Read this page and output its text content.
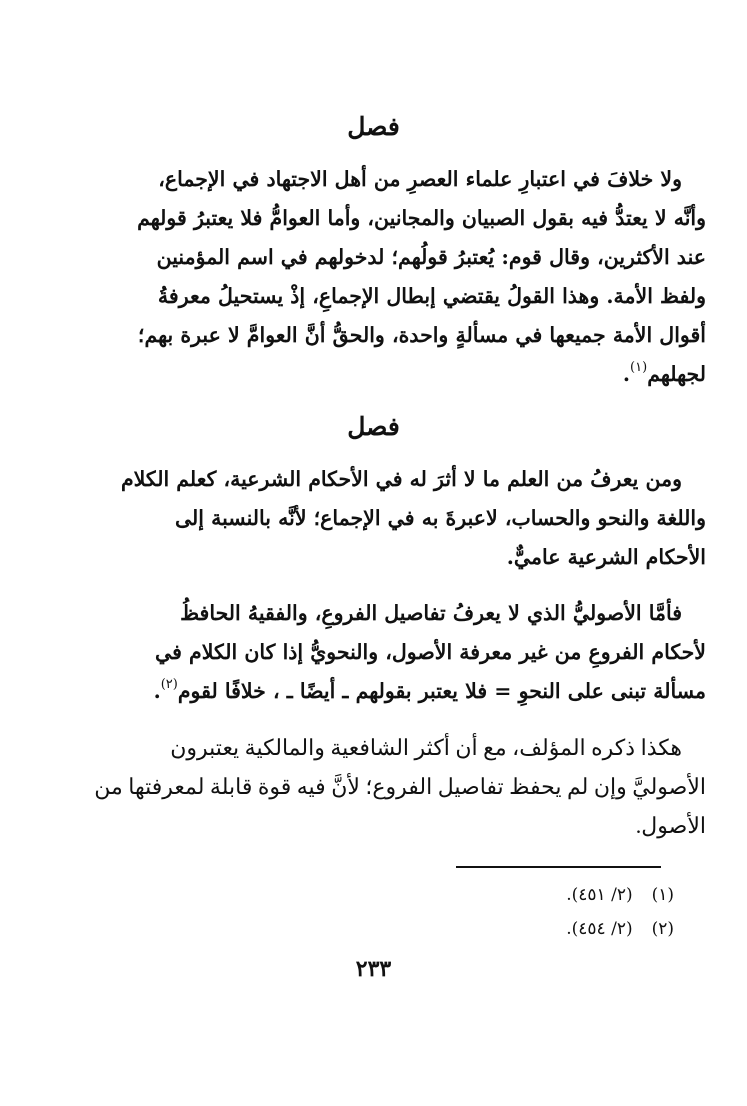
فصل
ولا خلافَ في اعتبارِ علماء العصرِ من أهل الاجتهاد في الإجماع،
وأنَّه لا يعتدُّ فيه بقول الصبيان والمجانين، وأما العوامُّ فلا يعتبرُ قولهم
عند الأكثرين، وقال قوم: يُعتبرُ قولُهم؛ لدخولهم في اسم المؤمنين
ولفظ الأمة. وهذا القولُ يقتضي إبطال الإجماعِ، إذْ يستحيلُ معرفةُ
أقوال الأمة جميعها في مسألةٍ واحدة، والحقُّ أنَّ العوامَّ لا عبرة بهم؛
لجهلهم$^{(١)}$.
فصل
ومن يعرفُ من العلم ما لا أثرَ له في الأحكام الشرعية، كعلم الكلام
واللغة والنحو والحساب، لاعبرةَ به في الإجماع؛ لأنَّه بالنسبة إلى
الأحكام الشرعية عاميٌّ.
فأمَّا الأصوليُّ الذي لا يعرفُ تفاصيل الفروعِ، والفقيهُ الحافظُ
لأحكام الفروعِ من غير معرفة الأصول، والنحويُّ إذا كان الكلام في
مسألة تبنى على النحوِ = فلا يعتبر بقولهم ـ أيضًا ـ ، خلافًا لقوم$^{(٢)}$.
هكذا ذكره المؤلف، مع أن أكثر الشافعية والمالكية يعتبرون
الأصوليَّ وإن لم يحفظ تفاصيل الفروع؛ لأنَّ فيه قوة قابلة لمعرفتها من
الأصول.
(١) (٢/ ٤٥١).
(٢) (٢/ ٤٥٤).
٢٣٣
